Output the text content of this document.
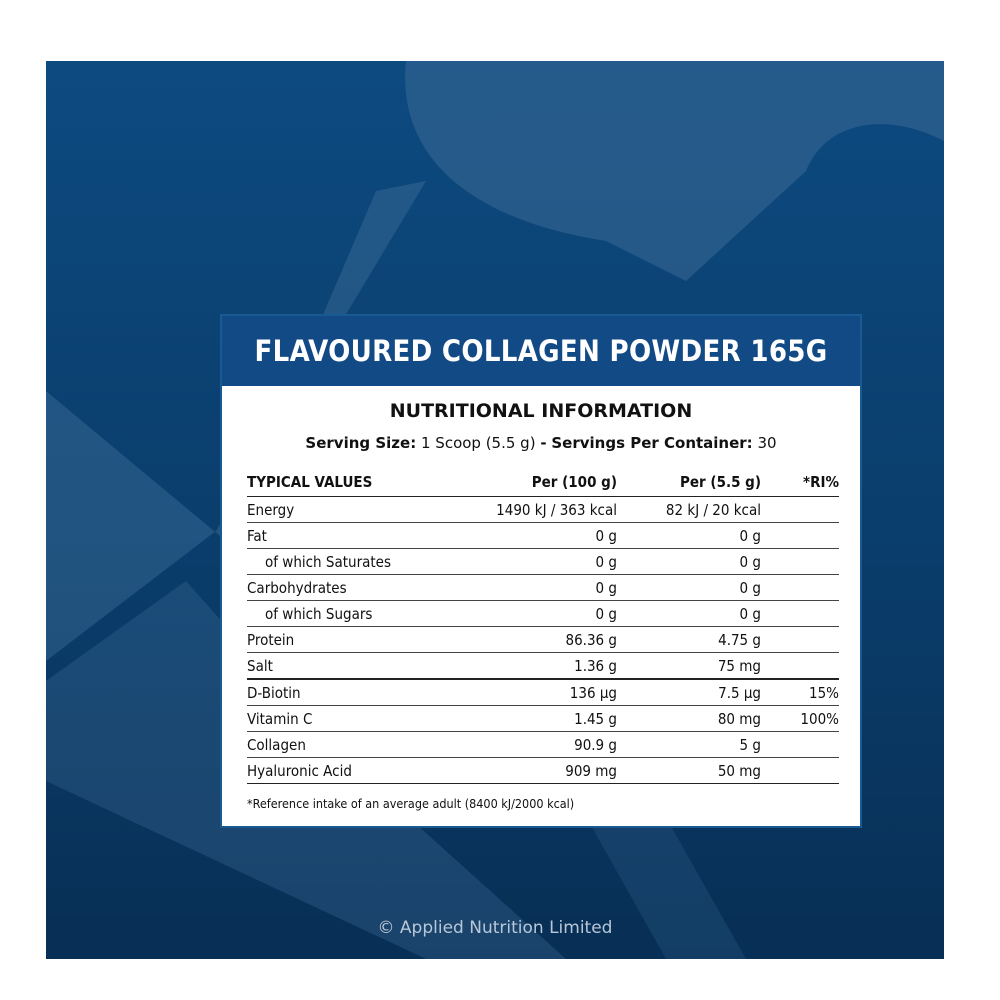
FLAVOURED COLLAGEN POWDER 165G
NUTRITIONAL INFORMATION
Serving Size: 1 Scoop (5.5 g) - Servings Per Container: 30
TYPICAL VALUES	Per (100 g)	Per (5.5 g)	*RI%
Energy	1490 kJ / 363 kcal	82 kJ / 20 kcal	
Fat	0 g	0 g	
of which Saturates	0 g	0 g	
Carbohydrates	0 g	0 g	
of which Sugars	0 g	0 g	
Protein	86.36 g	4.75 g	
Salt	1.36 g	75 mg	
D-Biotin	136 µg	7.5 µg	15%
Vitamin C	1.45 g	80 mg	100%
Collagen	90.9 g	5 g	
Hyaluronic Acid	909 mg	50 mg	
*Reference intake of an average adult (8400 kJ/2000 kcal)
© Applied Nutrition Limited
